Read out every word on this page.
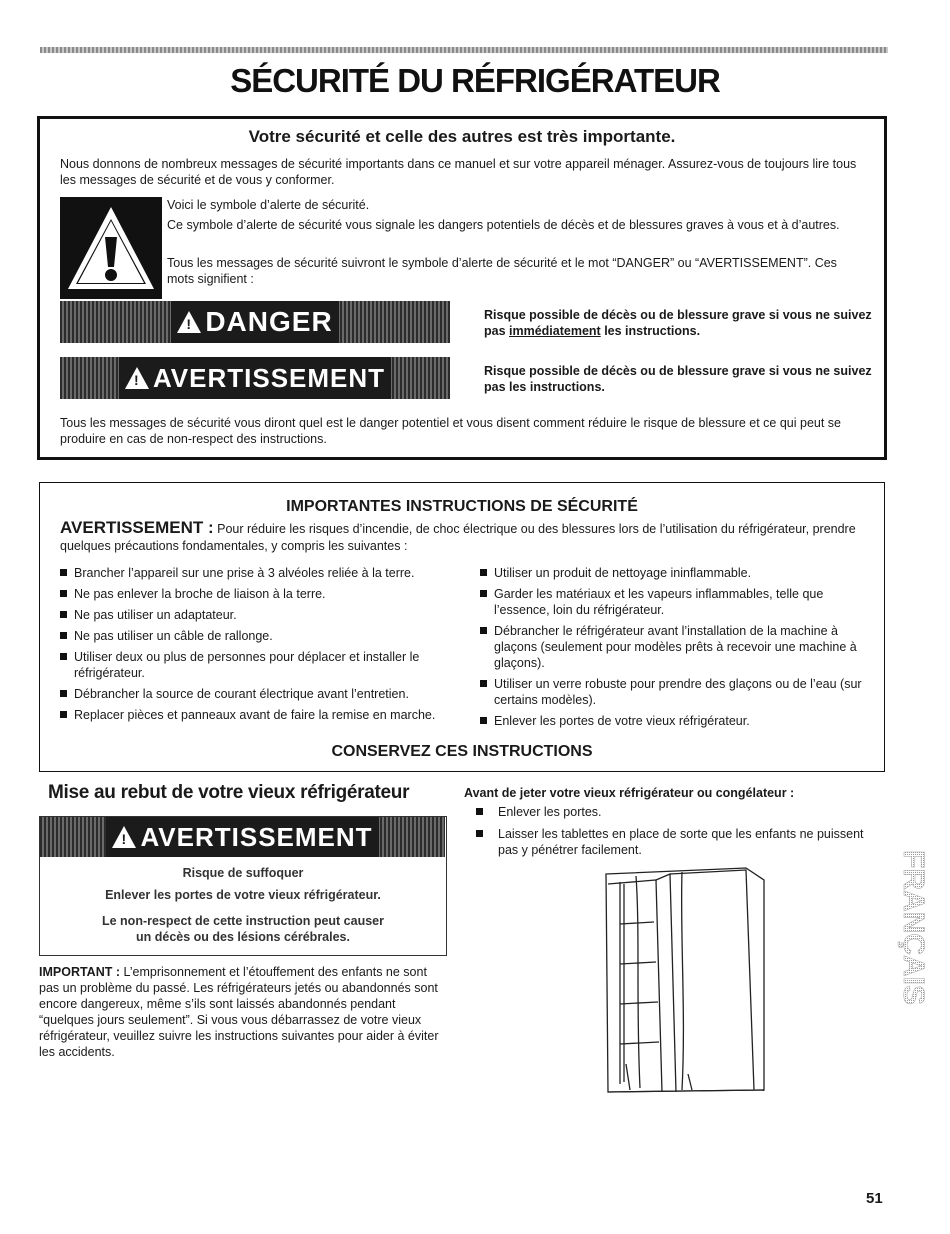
SÉCURITÉ DU RÉFRIGÉRATEUR
Votre sécurité et celle des autres est très importante.

Nous donnons de nombreux messages de sécurité importants dans ce manuel et sur votre appareil ménager. Assurez-vous de toujours lire tous les messages de sécurité et de vous y conformer.

Voici le symbole d’alerte de sécurité.

Ce symbole d’alerte de sécurité vous signale les dangers potentiels de décès et de blessures graves à vous et à d’autres.

Tous les messages de sécurité suivront le symbole d’alerte de sécurité et le mot “DANGER” ou “AVERTISSEMENT”. Ces mots signifient :

!
DANGER	Risque possible de décès ou de blessure grave si vous ne suivez pas immédiatement les instructions.

!
AVERTISSEMENT	Risque possible de décès ou de blessure grave si vous ne suivez pas les instructions.

Tous les messages de sécurité vous diront quel est le danger potentiel et vous disent comment réduire le risque de blessure et ce qui peut se produire en cas de non-respect des instructions.

IMPORTANTES INSTRUCTIONS DE SÉCURITÉ

AVERTISSEMENT : Pour réduire les risques d’incendie, de choc électrique ou des blessures lors de l’utilisation du réfrigérateur, prendre quelques précautions fondamentales, y compris les suivantes :

Brancher l’appareil sur une prise à 3 alvéoles reliée à la terre.
Ne pas enlever la broche de liaison à la terre.
Ne pas utiliser un adaptateur.
Ne pas utiliser un câble de rallonge.
Utiliser deux ou plus de personnes pour déplacer et installer le réfrigérateur.
Débrancher la source de courant électrique avant l’entretien.
Replacer pièces et panneaux avant de faire la remise en marche.
Utiliser un produit de nettoyage ininflammable.
Garder les matériaux et les vapeurs inflammables, telle que l’essence, loin du réfrigérateur.
Débrancher le réfrigérateur avant l’installation de la machine à glaçons (seulement pour modèles prêts à recevoir une machine à glaçons).
Utiliser un verre robuste pour prendre des glaçons ou de l’eau (sur certains modèles).
Enlever les portes de votre vieux réfrigérateur.
CONSERVEZ CES INSTRUCTIONS
Mise au rebut de votre vieux réfrigérateur
!
AVERTISSEMENT

Risque de suffoquer

Enlever les portes de votre vieux réfrigérateur.

Le non-respect de cette instruction peut causer un décès ou des lésions cérébrales.

IMPORTANT : L’emprisonnement et l’étouffement des enfants ne sont pas un problème du passé. Les réfrigérateurs jetés ou abandonnés sont encore dangereux, même s’ils sont laissés abandonnés pendant “quelques jours seulement”. Si vous vous débarrassez de votre vieux réfrigérateur, veuillez suivre les instructions suivantes pour aider à éviter les accidents.

Avant de jeter votre vieux réfrigérateur ou congélateur :

Enlever les portes.

Laisser les tablettes en place de sorte que les enfants ne puissent pas y pénétrer facilement.	FRANÇAIS
51
